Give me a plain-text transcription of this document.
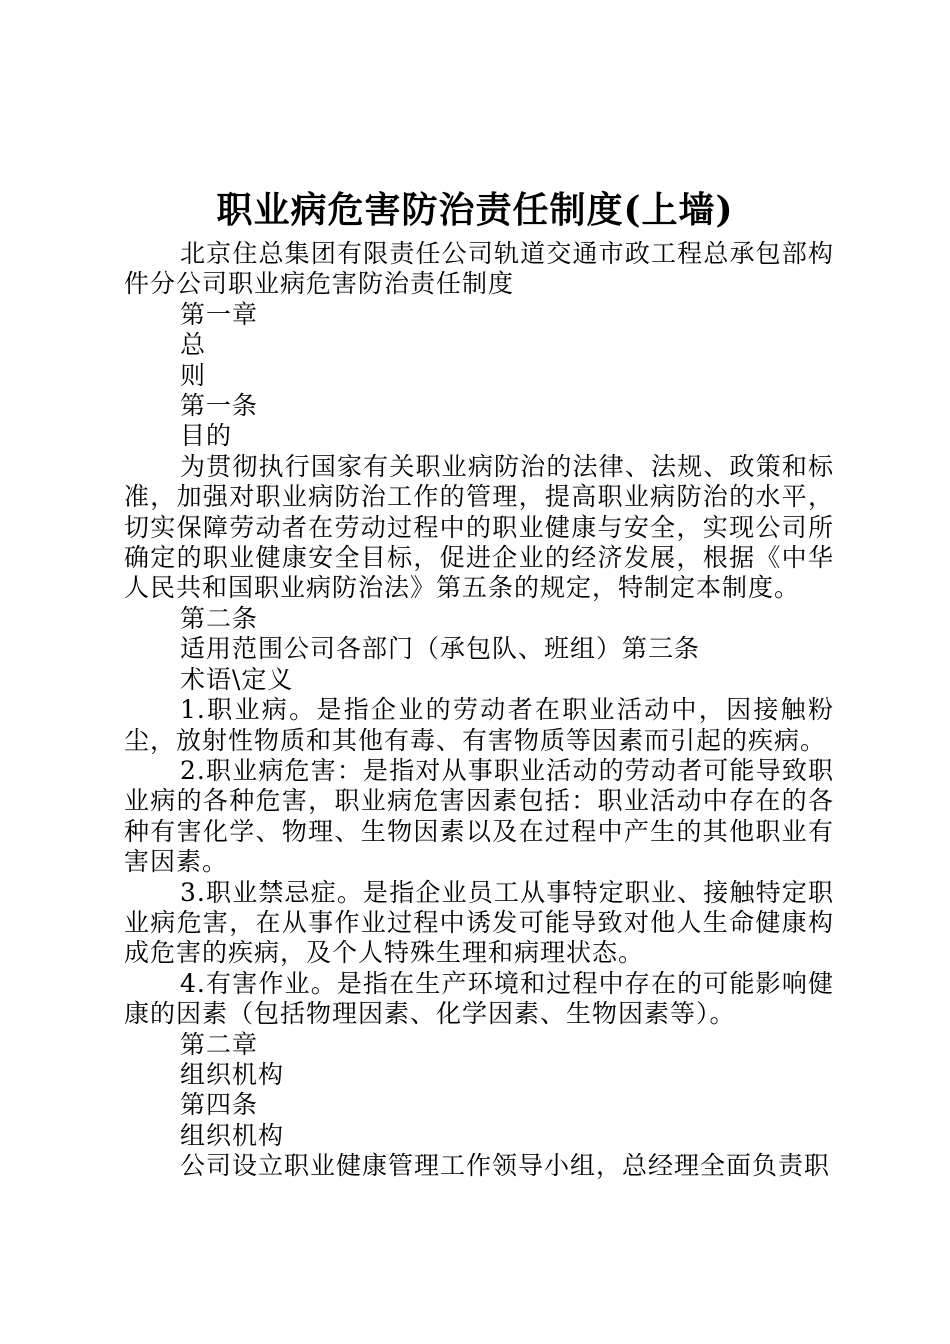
职业病危害防治责任制度(上墙)

北京住总集团有限责任公司轨道交通市政工程总承包部构件分公司职业病危害防治责任制度

第一章

总

则

第一条

目的

为贯彻执行国家有关职业病防治的法律、法规、政策和标准，加强对职业病防治工作的管理，提高职业病防治的水平，切实保障劳动者在劳动过程中的职业健康与安全，实现公司所确定的职业健康安全目标，促进企业的经济发展，根据《中华人民共和国职业病防治法》第五条的规定，特制定本制度。

第二条

适用范围公司各部门（承包队、班组）第三条

术语\定义

1.职业病。是指企业的劳动者在职业活动中，因接触粉尘，放射性物质和其他有毒、有害物质等因素而引起的疾病。

2.职业病危害：是指对从事职业活动的劳动者可能导致职业病的各种危害，职业病危害因素包括：职业活动中存在的各种有害化学、物理、生物因素以及在过程中产生的其他职业有害因素。

3.职业禁忌症。是指企业员工从事特定职业、接触特定职业病危害，在从事作业过程中诱发可能导致对他人生命健康构成危害的疾病，及个人特殊生理和病理状态。

4.有害作业。是指在生产环境和过程中存在的可能影响健康的因素（包括物理因素、化学因素、生物因素等）。

第二章

组织机构

第四条

组织机构

公司设立职业健康管理工作领导小组，总经理全面负责职
